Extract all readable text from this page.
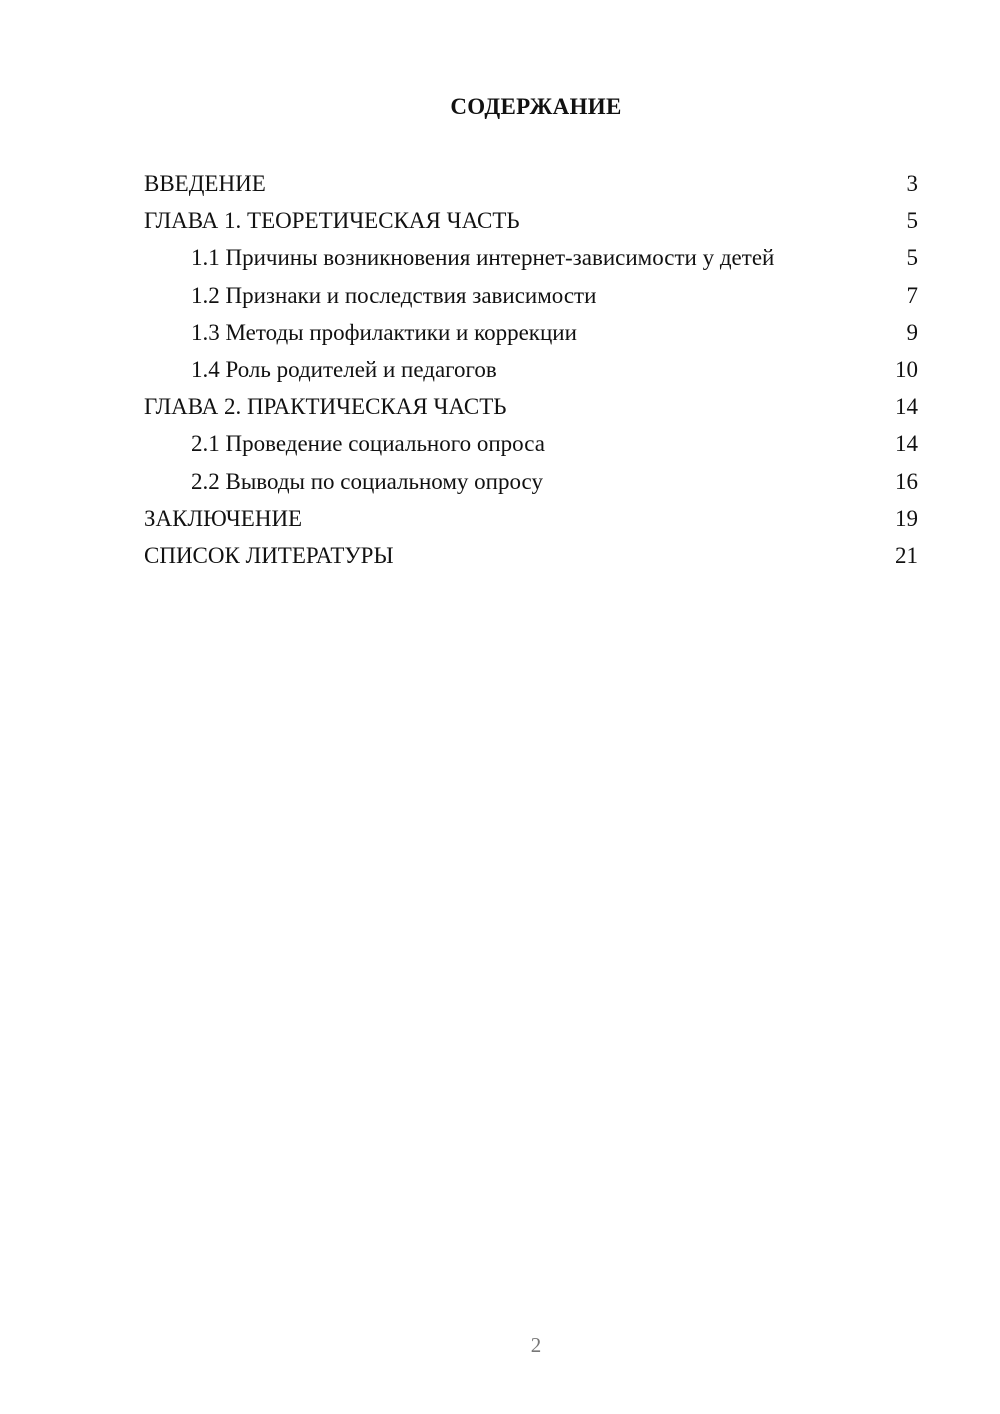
СОДЕРЖАНИЕ
ВВЕДЕНИЕ	3
ГЛАВА 1. ТЕОРЕТИЧЕСКАЯ ЧАСТЬ	5
1.1 Причины возникновения интернет-зависимости у детей	5
1.2 Признаки и последствия зависимости	7
1.3 Методы профилактики и коррекции	9
1.4 Роль родителей и педагогов	10
ГЛАВА 2. ПРАКТИЧЕСКАЯ ЧАСТЬ	14
2.1 Проведение социального опроса	14
2.2 Выводы по социальному опросу	16
ЗАКЛЮЧЕНИЕ	19
СПИСОК ЛИТЕРАТУРЫ	21
2
